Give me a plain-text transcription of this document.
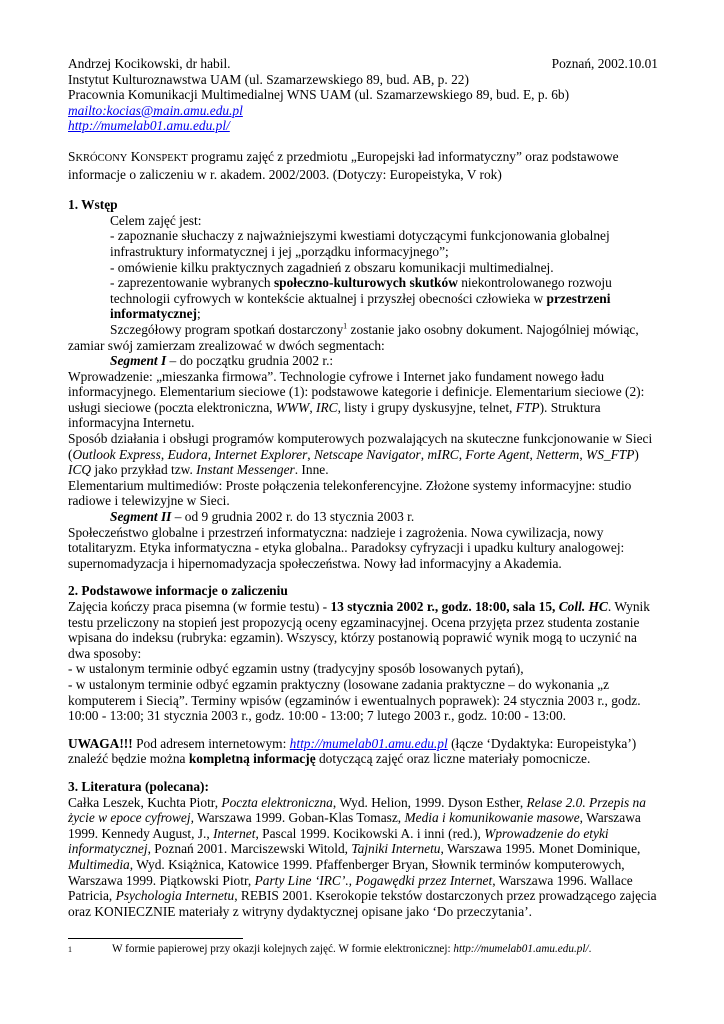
Andrzej Kocikowski, dr habil.	Poznań, 2002.10.01

Instytut Kulturoznawstwa UAM (ul. Szamarzewskiego 89, bud. AB, p. 22)

Pracownia Komunikacji Multimedialnej WNS UAM (ul. Szamarzewskiego 89, bud. E, p. 6b)

mailto:kocias@main.amu.edu.pl

http://mumelab01.amu.edu.pl/

SKRÓCONY KONSPEKT programu zajęć z przedmiotu „Europejski ład informatyczny” oraz podstawowe informacje o zaliczeniu w r. akadem. 2002/2003. (Dotyczy: Europeistyka, V rok)

1. Wstęp

Celem zajęć jest:

- zapoznanie słuchaczy z najważniejszymi kwestiami dotyczącymi funkcjonowania globalnej infrastruktury informatycznej i jej „porządku informacyjnego”;

- omówienie kilku praktycznych zagadnień z obszaru komunikacji multimedialnej.

- zaprezentowanie wybranych społeczno-kulturowych skutków niekontrolowanego rozwoju technologii cyfrowych w kontekście aktualnej i przyszłej obecności człowieka w przestrzeni informatycznej;

Szczegółowy program spotkań dostarczony$^1$ zostanie jako osobny dokument. Najogólniej mówiąc, zamiar swój zamierzam zrealizować w dwóch segmentach:

Segment I – do początku grudnia 2002 r.:

Wprowadzenie: „mieszanka firmowa”. Technologie cyfrowe i Internet jako fundament nowego ładu informacyjnego. Elementarium sieciowe (1): podstawowe kategorie i definicje. Elementarium sieciowe (2): usługi sieciowe (poczta elektroniczna, WWW, IRC, listy i grupy dyskusyjne, telnet, FTP). Struktura informacyjna Internetu.

Sposób działania i obsługi programów komputerowych pozwalających na skuteczne funkcjonowanie w Sieci (Outlook Express, Eudora, Internet Explorer, Netscape Navigator, mIRC, Forte Agent, Netterm, WS_FTP) ICQ jako przykład tzw. Instant Messenger. Inne.

Elementarium multimediów: Proste połączenia telekonferencyjne. Złożone systemy informacyjne: studio radiowe i telewizyjne w Sieci.

Segment II – od 9 grudnia 2002 r. do 13 stycznia 2003 r.

Społeczeństwo globalne i przestrzeń informatyczna: nadzieje i zagrożenia. Nowa cywilizacja, nowy totalitaryzm. Etyka informatyczna - etyka globalna.. Paradoksy cyfryzacji i upadku kultury analogowej: supernomadyzacja i hipernomadyzacja społeczeństwa. Nowy ład informacyjny a Akademia.

2. Podstawowe informacje o zaliczeniu

Zajęcia kończy praca pisemna (w formie testu) - 13 stycznia 2002 r., godz. 18:00, sala 15, Coll. HC. Wynik testu przeliczony na stopień jest propozycją oceny egzaminacyjnej. Ocena przyjęta przez studenta zostanie wpisana do indeksu (rubryka: egzamin). Wszyscy, którzy postanowią poprawić wynik mogą to uczynić na dwa sposoby:

- w ustalonym terminie odbyć egzamin ustny (tradycyjny sposób losowanych pytań),

- w ustalonym terminie odbyć egzamin praktyczny (losowane zadania praktyczne – do wykonania „z komputerem i Siecią”. Terminy wpisów (egzaminów i ewentualnych poprawek): 24 stycznia 2003 r., godz. 10:00 - 13:00; 31 stycznia 2003 r., godz. 10:00 - 13:00; 7 lutego 2003 r., godz. 10:00 - 13:00.

UWAGA!!! Pod adresem internetowym: http://mumelab01.amu.edu.pl (łącze ‘Dydaktyka: Europeistyka’) znaleźć będzie można kompletną informację dotyczącą zajęć oraz liczne materiały pomocnicze.

3. Literatura (polecana):

Całka Leszek, Kuchta Piotr, Poczta elektroniczna, Wyd. Helion, 1999. Dyson Esther, Relase 2.0. Przepis na życie w epoce cyfrowej, Warszawa 1999. Goban-Klas Tomasz, Media i komunikowanie masowe, Warszawa 1999. Kennedy August, J., Internet, Pascal 1999. Kocikowski A. i inni (red.), Wprowadzenie do etyki informatycznej, Poznań 2001. Marciszewski Witold, Tajniki Internetu, Warszawa 1995. Monet Dominique, Multimedia, Wyd. Książnica, Katowice 1999. Pfaffenberger Bryan, Słownik terminów komputerowych, Warszawa 1999. Piątkowski Piotr, Party Line ‘IRC’., Pogawędki przez Internet, Warszawa 1996. Wallace Patricia, Psychologia Internetu, REBIS 2001. Kserokopie tekstów dostarczonych przez prowadzącego zajęcia oraz KONIECZNIE materiały z witryny dydaktycznej opisane jako ‘Do przeczytania’.

1	W formie papierowej przy okazji kolejnych zajęć. W formie elektronicznej: http://mumelab01.amu.edu.pl/.
